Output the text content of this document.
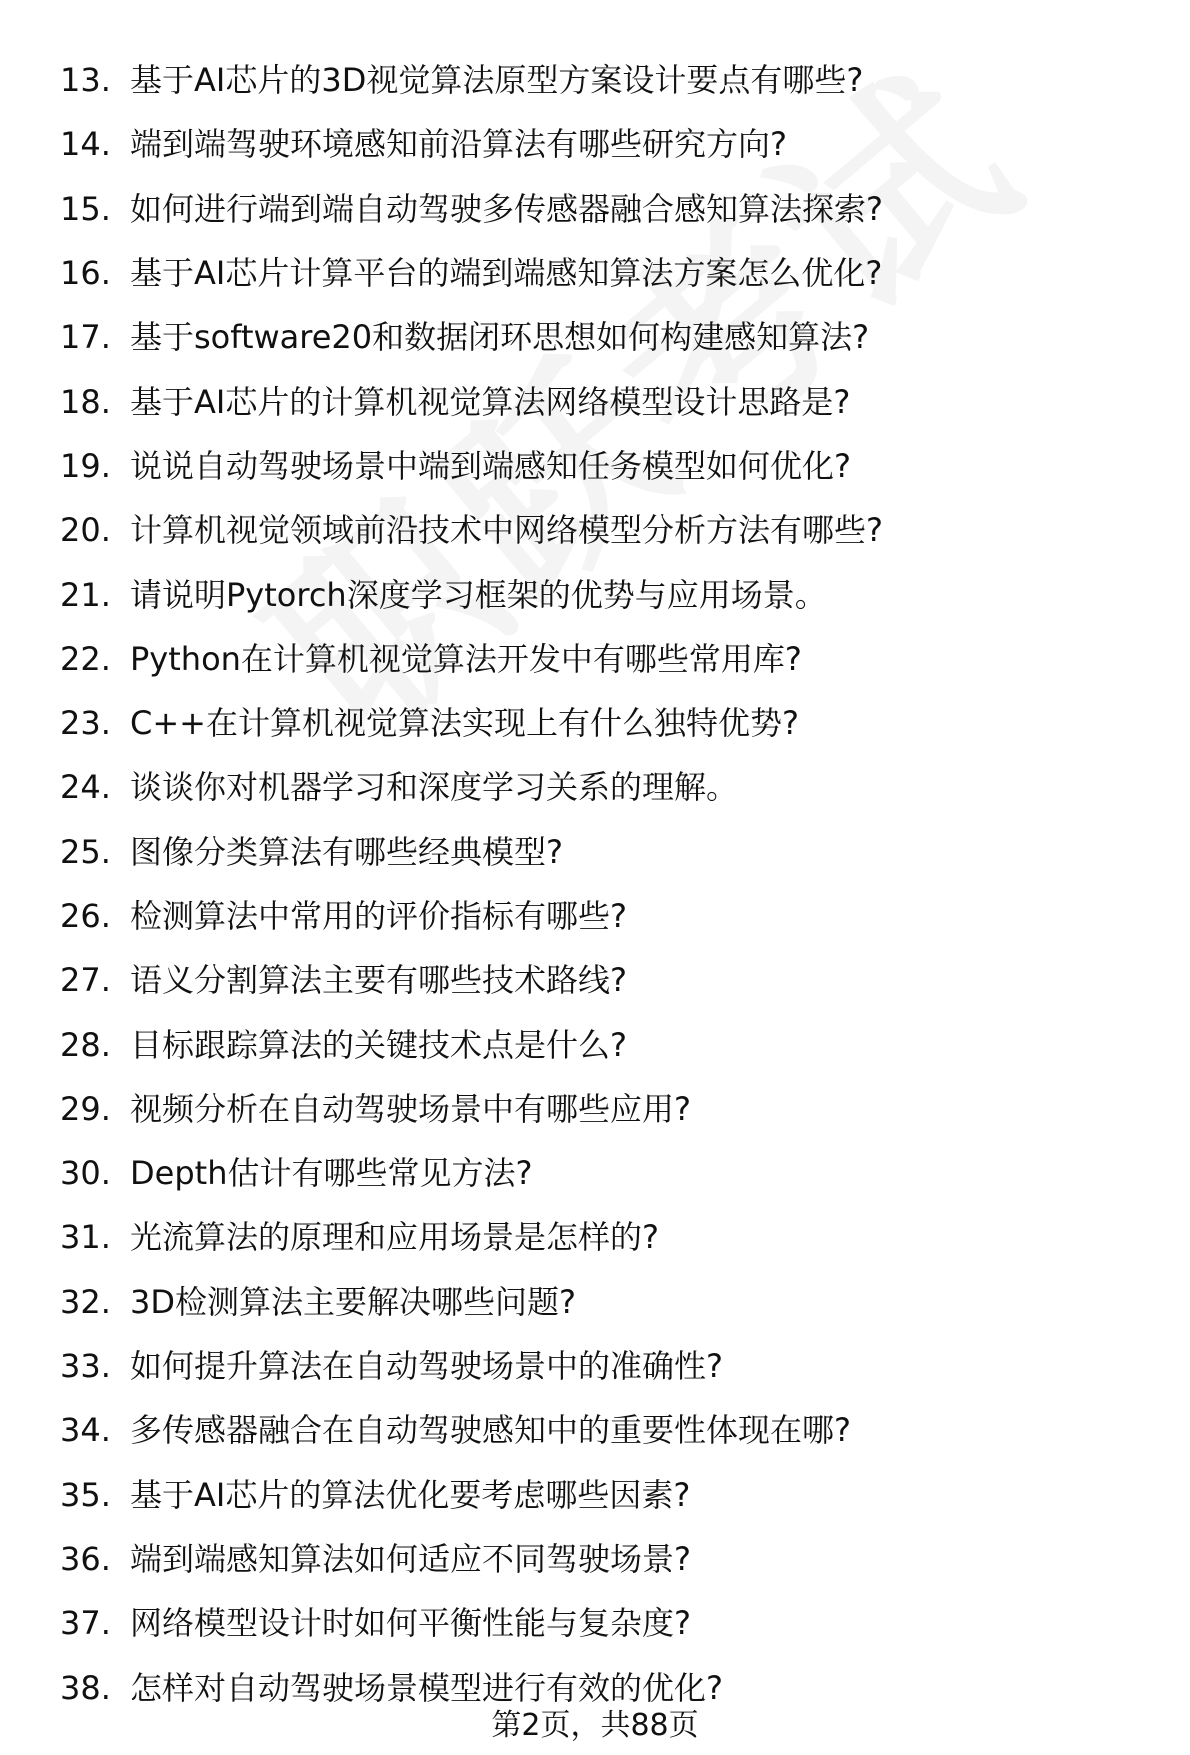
13. 基于AI芯片的3D视觉算法原型方案设计要点有哪些?
14. 端到端驾驶环境感知前沿算法有哪些研究方向?
15. 如何进行端到端自动驾驶多传感器融合感知算法探索?
16. 基于AI芯片计算平台的端到端感知算法方案怎么优化?
17. 基于software20和数据闭环思想如何构建感知算法?
18. 基于AI芯片的计算机视觉算法网络模型设计思路是?
19. 说说自动驾驶场景中端到端感知任务模型如何优化?
20. 计算机视觉领域前沿技术中网络模型分析方法有哪些?
21. 请说明Pytorch深度学习框架的优势与应用场景。
22. Python在计算机视觉算法开发中有哪些常用库?
23. C++在计算机视觉算法实现上有什么独特优势?
24. 谈谈你对机器学习和深度学习关系的理解。
25. 图像分类算法有哪些经典模型?
26. 检测算法中常用的评价指标有哪些?
27. 语义分割算法主要有哪些技术路线?
28. 目标跟踪算法的关键技术点是什么?
29. 视频分析在自动驾驶场景中有哪些应用?
30. Depth估计有哪些常见方法?
31. 光流算法的原理和应用场景是怎样的?
32. 3D检测算法主要解决哪些问题?
33. 如何提升算法在自动驾驶场景中的准确性?
34. 多传感器融合在自动驾驶感知中的重要性体现在哪?
35. 基于AI芯片的算法优化要考虑哪些因素?
36. 端到端感知算法如何适应不同驾驶场景?
37. 网络模型设计时如何平衡性能与复杂度?
38. 怎样对自动驾驶场景模型进行有效的优化?
第2页，共88页
